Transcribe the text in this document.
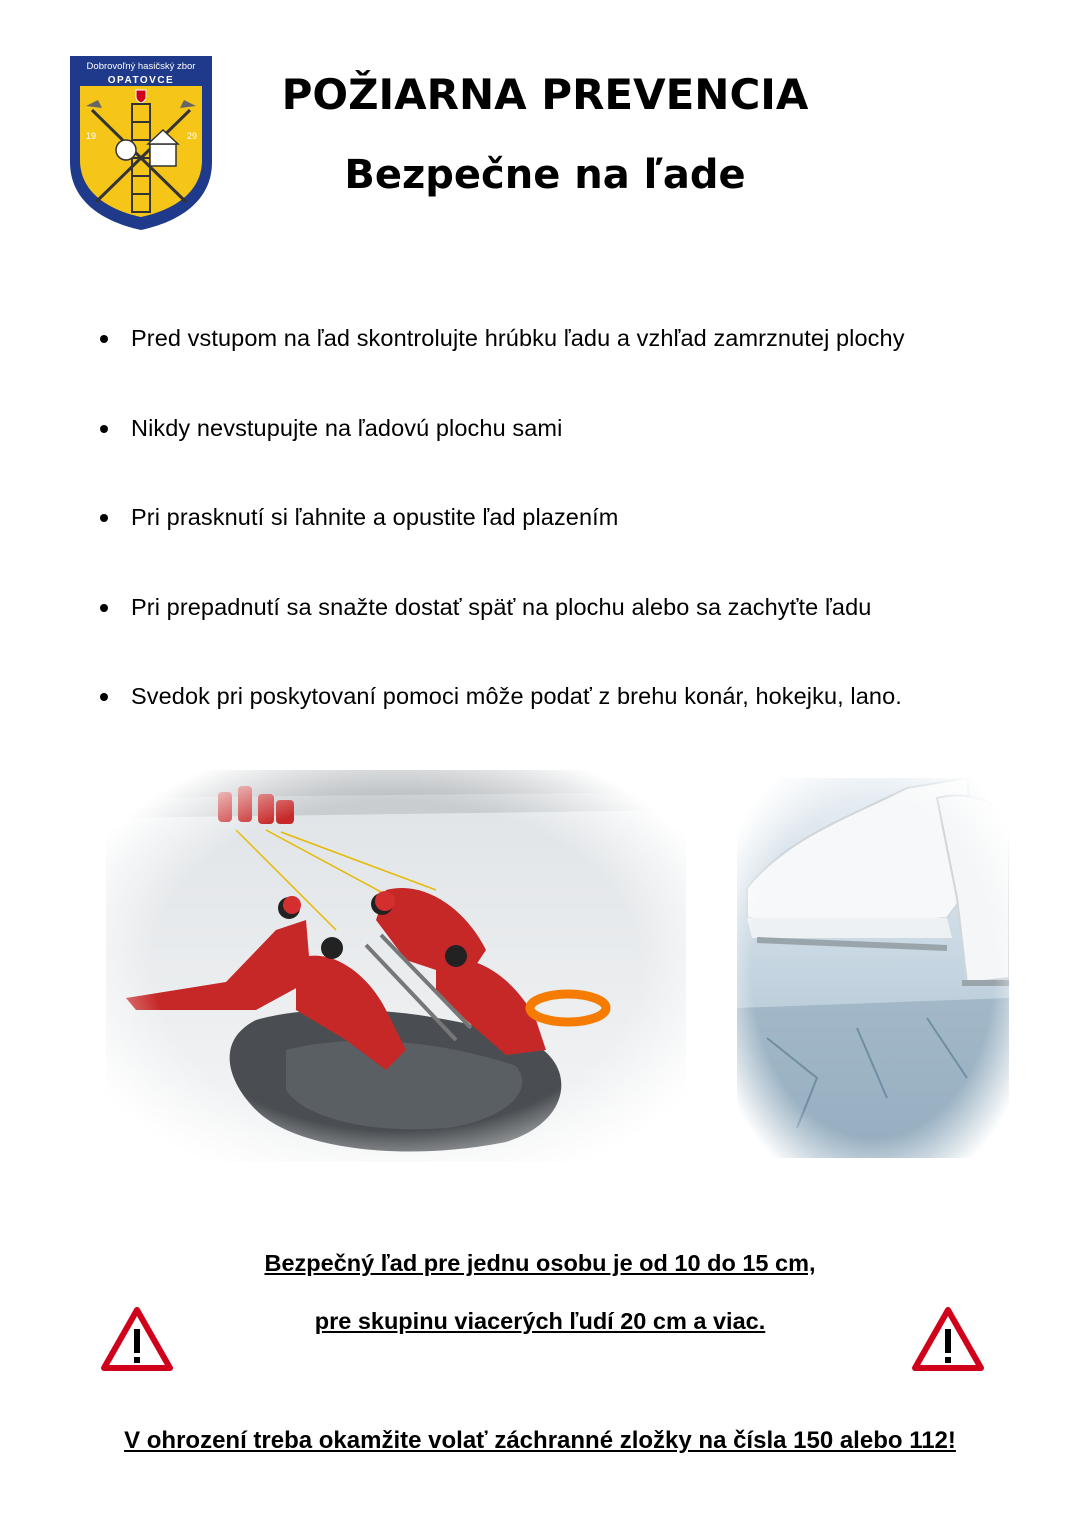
Dobrovoľný hasičský zbor
OPATOVCE
19	29
POŽIARNA PREVENCIA
Bezpečne na ľade
Pred vstupom na ľad skontrolujte hrúbku ľadu a vzhľad zamrznutej plochy
Nikdy nevstupujte na ľadovú plochu sami
Pri prasknutí si ľahnite a opustite ľad plazením
Pri prepadnutí sa snažte dostať späť na plochu alebo sa zachyťte ľadu
Svedok pri poskytovaní pomoci môže podať z brehu konár, hokejku, lano.

Bezpečný ľad pre jednu osobu je od 10 do 15 cm,

pre skupinu viacerých ľudí 20 cm a viac.

V ohrození treba okamžite volať záchranné zložky na čísla 150 alebo 112!
